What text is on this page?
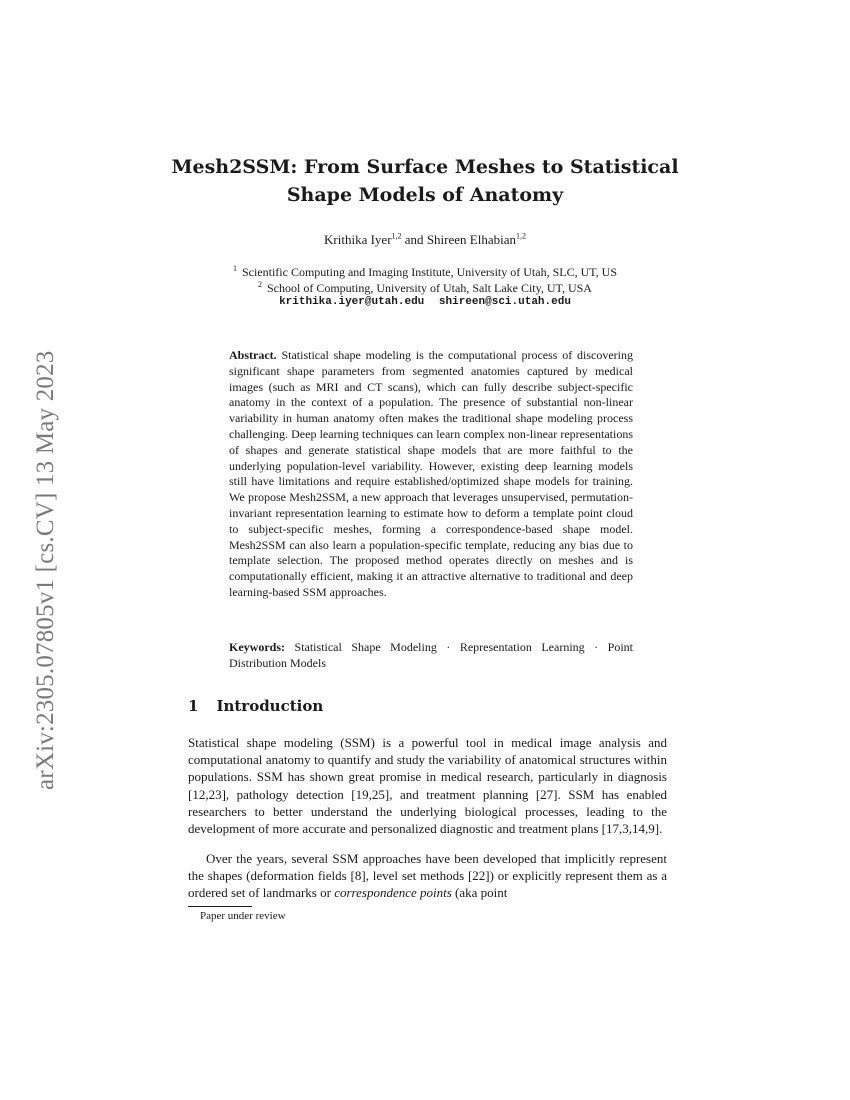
arXiv:2305.07805v1 [cs.CV] 13 May 2023
Mesh2SSM: From Surface Meshes to Statistical
Shape Models of Anatomy
Krithika Iyer$^{1,2}$ and Shireen Elhabian$^{1,2}$
$^1$ Scientific Computing and Imaging Institute, University of Utah, SLC, UT, US
$^2$ School of Computing, University of Utah, Salt Lake City, UT, USA
krithika.iyer@utah.edu shireen@sci.utah.edu

Abstract. Statistical shape modeling is the computational process of discovering significant shape parameters from segmented anatomies captured by medical images (such as MRI and CT scans), which can fully describe subject-specific anatomy in the context of a population. The presence of substantial non-linear variability in human anatomy often makes the traditional shape modeling process challenging. Deep learning techniques can learn complex non-linear representations of shapes and generate statistical shape models that are more faithful to the underlying population-level variability. However, existing deep learning models still have limitations and require established/optimized shape models for training. We propose Mesh2SSM, a new approach that leverages unsupervised, permutation-invariant representation learning to estimate how to deform a template point cloud to subject-specific meshes, forming a correspondence-based shape model. Mesh2SSM can also learn a population-specific template, reducing any bias due to template selection. The proposed method operates directly on meshes and is computationally efficient, making it an attractive alternative to traditional and deep learning-based SSM approaches.

Keywords: Statistical Shape Modeling · Representation Learning · Point Distribution Models

1 Introduction

Statistical shape modeling (SSM) is a powerful tool in medical image analysis and computational anatomy to quantify and study the variability of anatomical structures within populations. SSM has shown great promise in medical research, particularly in diagnosis [12,23], pathology detection [19,25], and treatment planning [27]. SSM has enabled researchers to better understand the underlying biological processes, leading to the development of more accurate and personalized diagnostic and treatment plans [17,3,14,9].

Over the years, several SSM approaches have been developed that implicitly represent the shapes (deformation fields [8], level set methods [22]) or explicitly represent them as a ordered set of landmarks or correspondence points (aka point

Paper under review
